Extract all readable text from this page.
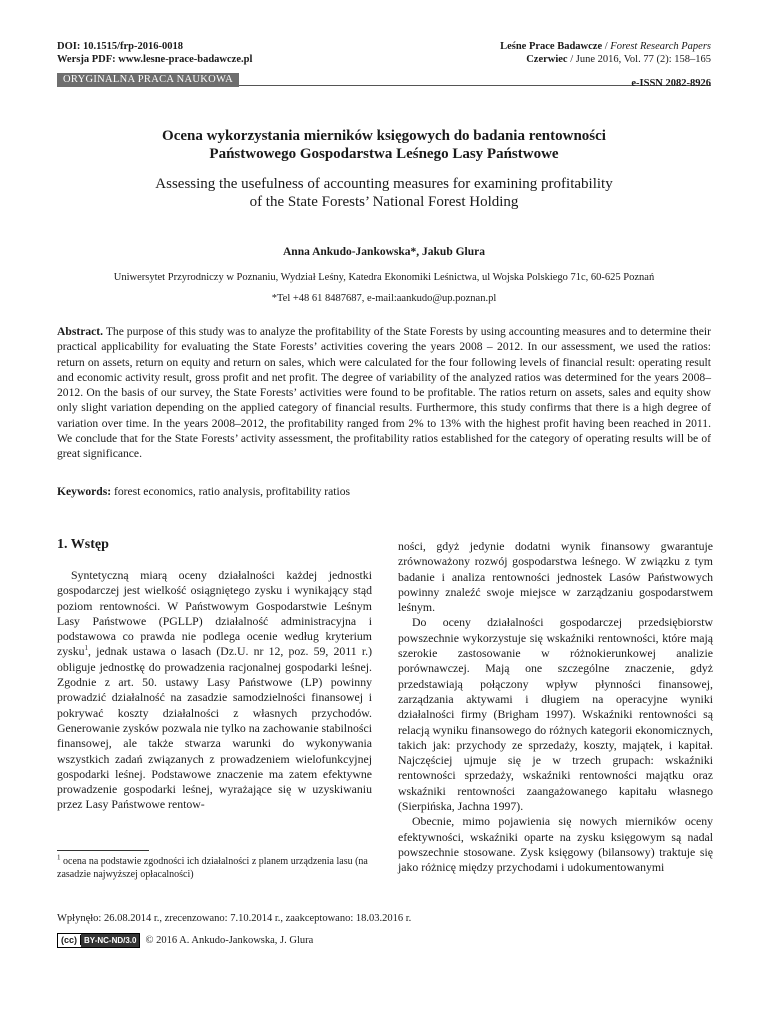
DOI: 10.1515/frp-2016-0018
Wersja PDF: www.lesne-prace-badawcze.pl
Leśne Prace Badawcze / Forest Research Papers
Czerwiec / June 2016, Vol. 77 (2): 158–165
ORYGINALNA PRACA NAUKOWA	e-ISSN 2082-8926
Ocena wykorzystania mierników księgowych do badania rentowności
Państwowego Gospodarstwa Leśnego Lasy Państwowe
Assessing the usefulness of accounting measures for examining profitability
of the State Forests’ National Forest Holding
Anna Ankudo-Jankowska*, Jakub Glura
Uniwersytet Przyrodniczy w Poznaniu, Wydział Leśny, Katedra Ekonomiki Leśnictwa, ul Wojska Polskiego 71c, 60-625 Poznań
*Tel +48 61 8487687, e-mail:aankudo@up.poznan.pl
Abstract. The purpose of this study was to analyze the profitability of the State Forests by using accounting measures and to determine their practical applicability for evaluating the State Forests’ activities covering the years 2008 – 2012. In our assessment, we used the ratios: return on assets, return on equity and return on sales, which were calculated for the four following levels of financial result: operating result and economic activity result, gross profit and net profit. The degree of variability of the analyzed ratios was determined for the years 2008–2012. On the basis of our survey, the State Forests’ activities were found to be profitable. The ratios return on assets, sales and equity show only slight variation depending on the applied category of financial results. Furthermore, this study confirms that there is a high degree of variation over time. In the years 2008–2012, the profitability ranged from 2% to 13% with the highest profit having been reached in 2011. We conclude that for the State Forests’ activity assessment, the profitability ratios established for the category of operating results will be of great significance.
Keywords: forest economics, ratio analysis, profitability ratios
1. Wstęp

Syntetyczną miarą oceny działalności każdej jednostki gospodarczej jest wielkość osiągniętego zysku i wynikający stąd poziom rentowności. W Państwowym Gospodarstwie Leśnym Lasy Państwowe (PGLLP) działalność administracyjna i podstawowa co prawda nie podlega ocenie według kryterium zysku$^1$, jednak ustawa o lasach (Dz.U. nr 12, poz. 59, 2011 r.) obliguje jednostkę do prowadzenia racjonalnej gospodarki leśnej. Zgodnie z art. 50. ustawy Lasy Państwowe (LP) powinny prowadzić działalność na zasadzie samodzielności finansowej i pokrywać koszty działalności z własnych przychodów. Generowanie zysków pozwala nie tylko na zachowanie stabilności finansowej, ale także stwarza warunki do wykonywania wszystkich zadań związanych z prowadzeniem wielofunkcyjnej gospodarki leśnej. Podstawowe znaczenie ma zatem efektywne prowadzenie gospodarki leśnej, wyrażające się w uzyskiwaniu przez Lasy Państwowe rentow-

ności, gdyż jedynie dodatni wynik finansowy gwarantuje zrównoważony rozwój gospodarstwa leśnego. W związku z tym badanie i analiza rentowności jednostek Lasów Państwowych powinny znaleźć swoje miejsce w zarządzaniu gospodarstwem leśnym.

Do oceny działalności gospodarczej przedsiębiorstw powszechnie wykorzystuje się wskaźniki rentowności, które mają szerokie zastosowanie w różnokierunkowej analizie porównawczej. Mają one szczególne znaczenie, gdyż przedstawiają połączony wpływ płynności finansowej, zarządzania aktywami i długiem na operacyjne wyniki działalności firmy (Brigham 1997). Wskaźniki rentowności są relacją wyniku finansowego do różnych kategorii ekonomicznych, takich jak: przychody ze sprzedaży, koszty, majątek, i kapitał. Najczęściej ujmuje się je w trzech grupach: wskaźniki rentowności sprzedaży, wskaźniki rentowności majątku oraz wskaźniki rentowności zaangażowanego kapitału własnego (Sierpińska, Jachna 1997).

Obecnie, mimo pojawienia się nowych mierników oceny efektywności, wskaźniki oparte na zysku księgowym są nadal powszechnie stosowane. Zysk księgowy (bilansowy) traktuje się jako różnicę między przychodami i udokumentowanymi

$^1$ ocena na podstawie zgodności ich działalności z planem urządzenia lasu (na zasadzie najwyższej opłacalności)
Wpłynęło: 26.08.2014 r., zrecenzowano: 7.10.2014 r., zaakceptowano: 18.03.2016 r.
(cc) BY-NC-ND/3.0 © 2016 A. Ankudo-Jankowska, J. Glura
